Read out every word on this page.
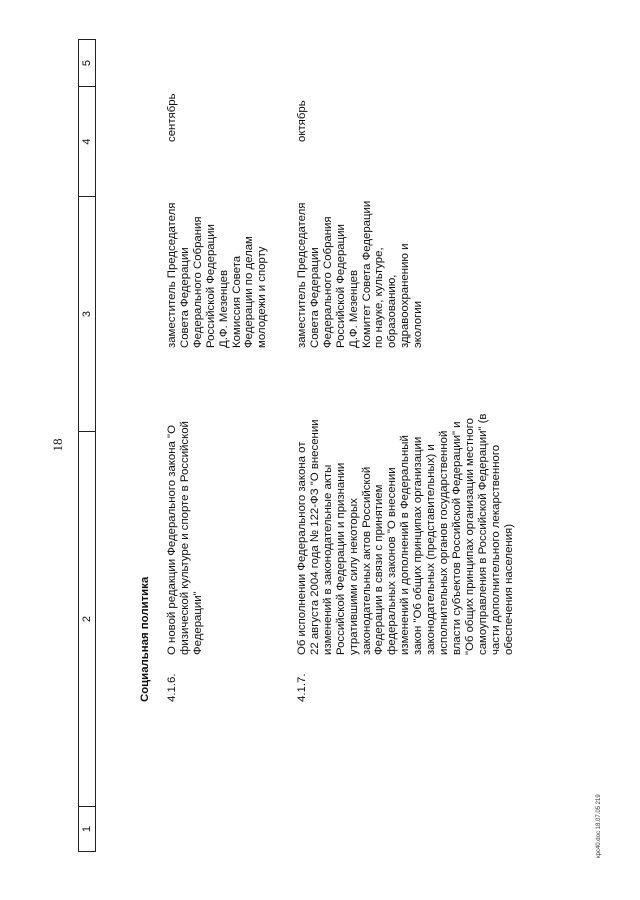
18
1
2
3
4
5
Социальная политика 4.1.6.
О новой редакции Федерального закона "О
физической культуре и спорте в Российской
Федерации"
заместитель Председателя
Совета Федерации
Федерального Собрания
Российской Федерации
Д.Ф. Мезенцев
Комиссия Совета
Федерации по делам
молодежи и спорту
сентябрь
4.1.7.
Об исполнении Федерального закона от
22 августа 2004 года № 122-ФЗ "О внесении
изменений в законодательные акты
Российской Федерации и признании
утратившими силу некоторых
законодательных актов Российской
Федерации в связи с принятием
федеральных законов "О внесении
изменений и дополнений в Федеральный
закон "Об общих принципах организации
законодательных (представительных) и
исполнительных органов государственной
власти субъектов Российской Федерации" и
"Об общих принципах организации местного
самоуправления в Российской Федерации" (в
части дополнительного лекарственного
обеспечения населения)
заместитель Председателя
Совета Федерации
Федерального Собрания
Российской Федерации
Д.Ф. Мезенцев
Комитет Совета Федерации
по науке, культуре,
образованию,
здравоохранению и
экологии
октябрь
крс40.doc 18.07.05 219
